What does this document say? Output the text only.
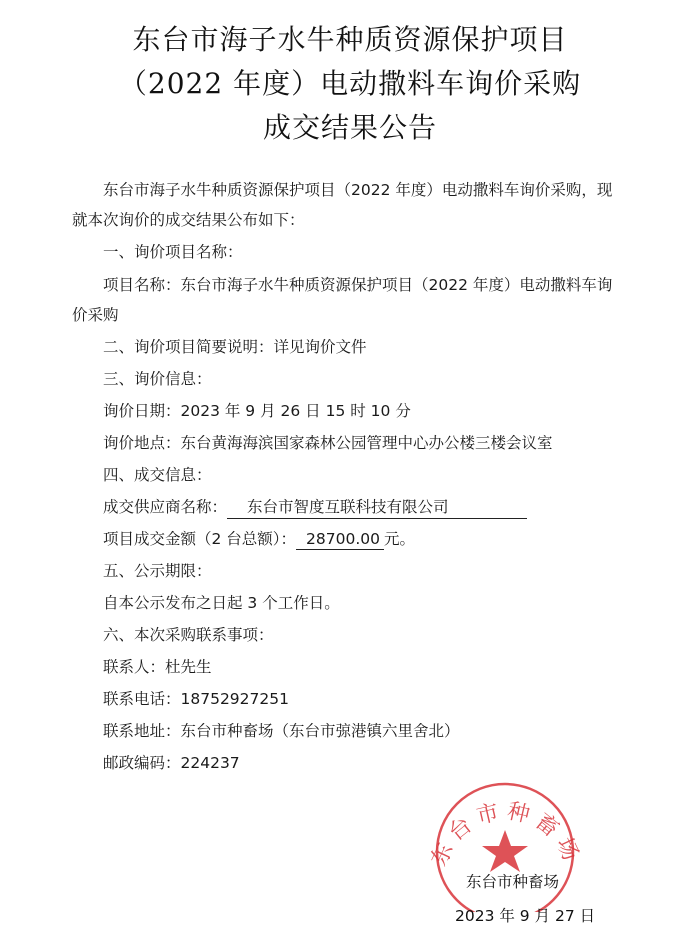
东台市海子水牛种质资源保护项目
（2022 年度）电动撒料车询价采购
成交结果公告
东台市海子水牛种质资源保护项目（2022 年度）电动撒料车询价采购，现
就本次询价的成交结果公布如下：
一、询价项目名称：
项目名称：东台市海子水牛种质资源保护项目（2022 年度）电动撒料车询
价采购
二、询价项目简要说明：详见询价文件
三、询价信息：
询价日期：2023 年 9 月 26 日 15 时 10 分
询价地点：东台黄海海滨国家森林公园管理中心办公楼三楼会议室
四、成交信息：
成交供应商名称： 东台市智度互联科技有限公司
项目成交金额（2 台总额）： 28700.00 元。
五、公示期限：
自本公示发布之日起 3 个工作日。
六、本次采购联系事项：
联系人：杜先生
联系电话：18752927251
联系地址：东台市种畜场（东台市弶港镇六里舍北）
邮政编码：224237
东台市种畜场
东台市种畜场
2023 年 9 月 27 日
